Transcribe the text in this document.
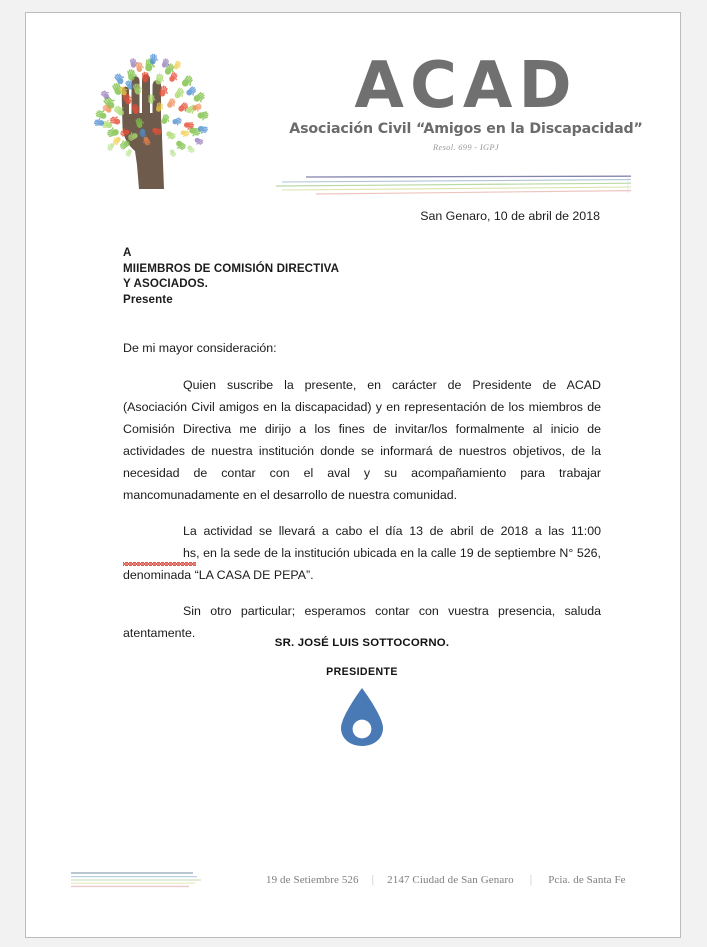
ACAD
Asociación Civil “Amigos en la Discapacidad”
Resol. 699 - IGPJ
San Genaro, 10 de abril de 2018
A
MIIEMBROS DE COMISIÓN DIRECTIVA
Y ASOCIADOS.
Presente
De mi mayor consideración:

Quien suscribe la presente, en carácter de Presidente de ACAD (Asociación Civil amigos en la discapacidad) y en representación de los miembros de Comisión Directiva me dirijo a los fines de invitar/los formalmente al inicio de actividades de nuestra institución donde se informará de nuestros objetivos, de la necesidad de contar con el aval y su acompañamiento para trabajar mancomunadamente en el desarrollo de nuestra comunidad.

La actividad se llevará a cabo el día 13 de abril de 2018 a las 11:00 hs, en la sede de la institución ubicada en la calle 19 de septiembre N° 526, denominada “LA CASA DE PEPA”.

Sin otro particular; esperamos contar con vuestra presencia, saluda atentamente.

SR. JOSÉ LUIS SOTTOCORNO.
PRESIDENTE
19 de Setiembre 526	|	2147 Ciudad de San Genaro	|	Pcia. de Santa Fe
